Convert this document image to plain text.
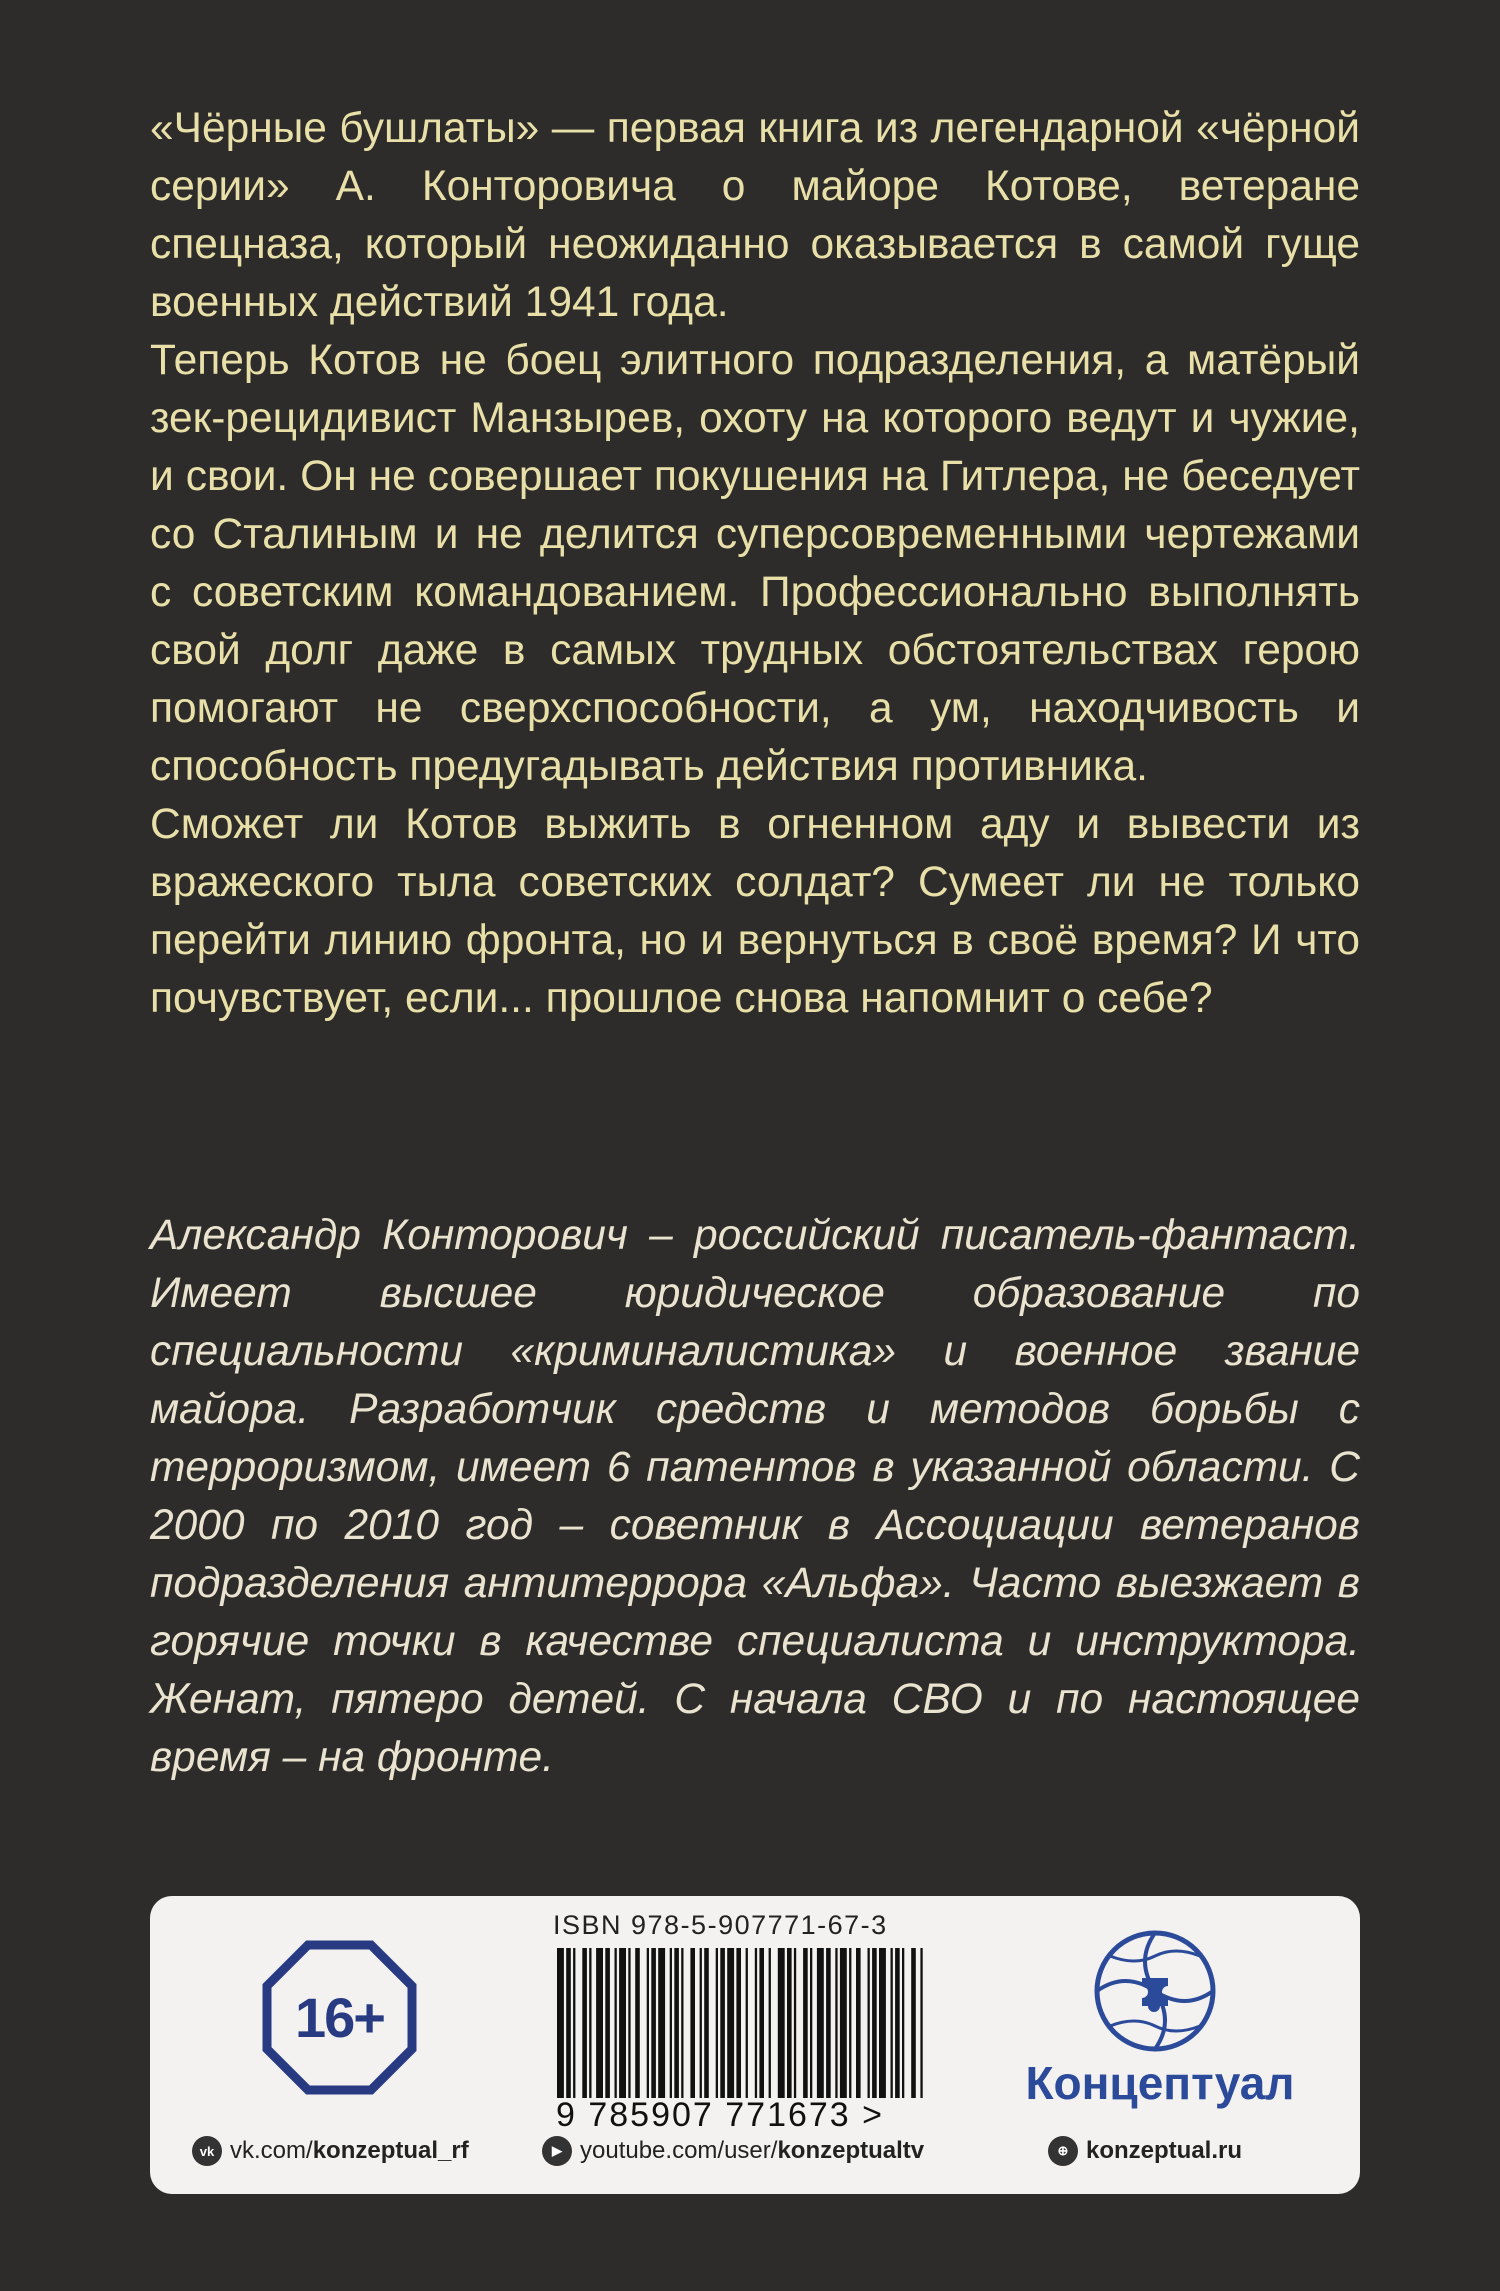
«Чёрные бушлаты» — первая книга из легендарной «чёрной серии» А. Конторовича о майоре Котове, ветеране спецназа, который неожиданно оказывается в самой гуще военных действий 1941 года.

Теперь Котов не боец элитного подразделения, а матёрый зек-рецидивист Манзырев, охоту на которого ведут и чужие, и свои. Он не совершает покушения на Гитлера, не беседует со Сталиным и не делится суперсовременными чертежами с советским командованием. Профессионально выполнять свой долг даже в самых трудных обстоятельствах герою помогают не сверхспособности, а ум, находчивость и способность предугадывать действия противника.

Сможет ли Котов выжить в огненном аду и вывести из вражеского тыла советских солдат? Сумеет ли не только перейти линию фронта, но и вернуться в своё время? И что почувствует, если... прошлое снова напомнит о себе?

Александр Конторович – российский писатель-фантаст. Имеет высшее юридическое образование по специальности «криминалистика» и военное звание майора. Разработчик средств и методов борьбы с терроризмом, имеет 6 патентов в указанной области. С 2000 по 2010 год – советник в Ассоциации ветеранов подразделения антитеррора «Альфа». Часто выезжает в горячие точки в качестве специалиста и инструктора. Женат, пятеро детей. С начала СВО и по настоящее время – на фронте.

16+
ISBN 978-5-907771-67-3
9 785907 771673 >
Концептуал
vk vk.com/konzeptual_rf	▶ youtube.com/user/konzeptualtv	⊕ konzeptual.ru
